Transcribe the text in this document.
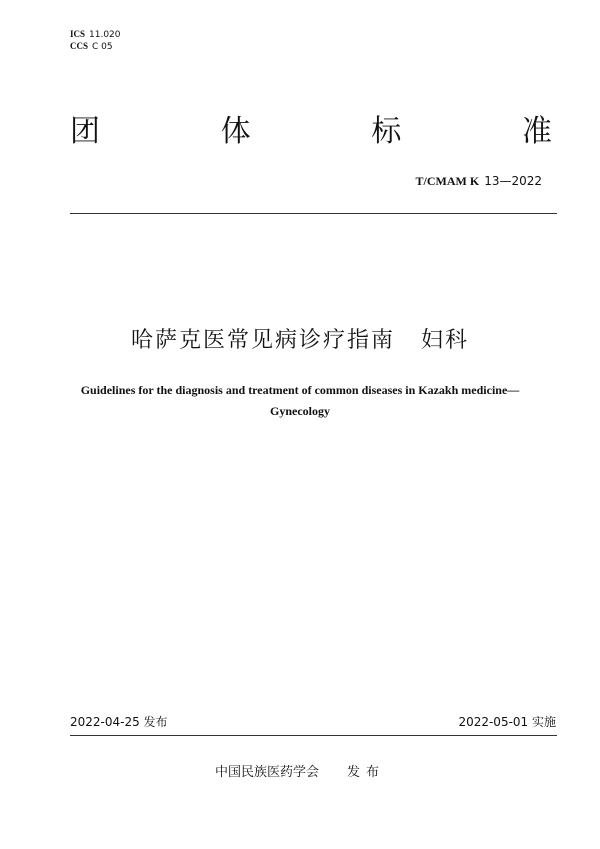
ICS 11.020
CCS C 05
团	体	标	准
T/CMAM K 13—2022
哈萨克医常见病诊疗指南 妇科
Guidelines for the diagnosis and treatment of common diseases in Kazakh medicine—
Gynecology
2022-04-25 发布	2022-05-01 实施
中国民族医药学会 发布
